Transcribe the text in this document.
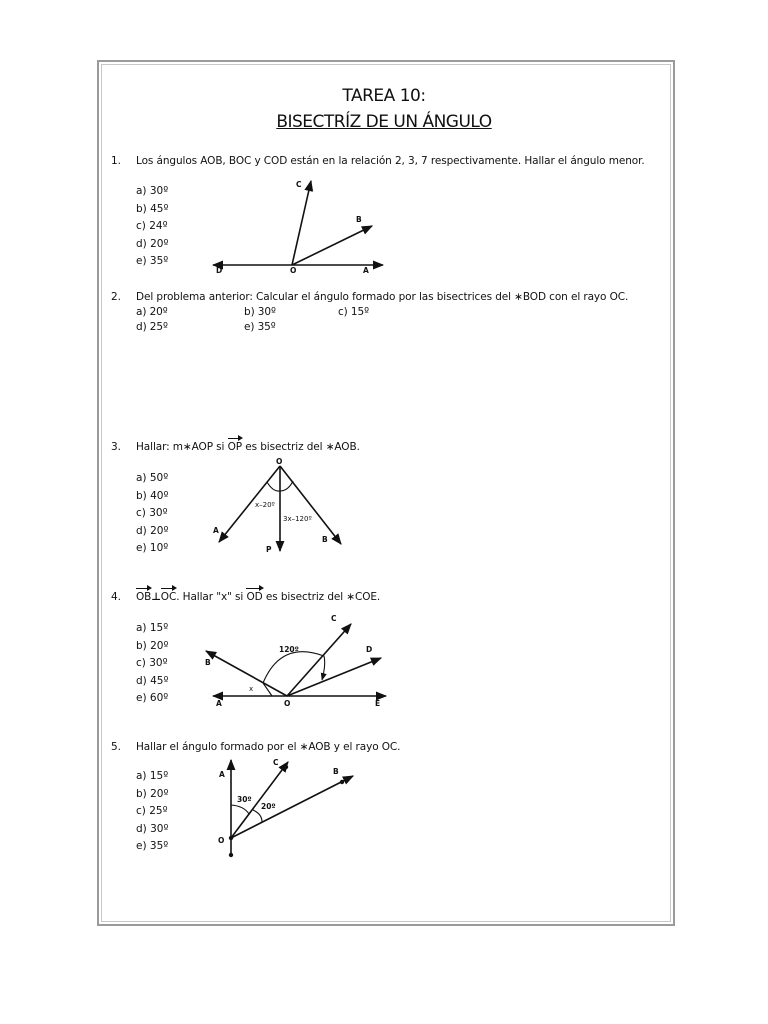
TAREA 10:
BISECTRÍZ DE UN ÁNGULO
1. Los ángulos AOB, BOC y COD están en la relación 2, 3, 7 respectivamente. Hallar el ángulo menor.
a) 30º
b) 45º
c) 24º
d) 20º
e) 35º
2. Del problema anterior: Calcular el ángulo formado por las bisectrices del ∗BOD con el rayo OC.
a) 20º	b) 30º	c) 15º
d) 25º	e) 35º
3. Hallar: m∗AOP si OP es bisectriz del ∗AOB.
a) 50º
b) 40º
c) 30º
d) 20º
e) 10º
4. OB⊥OC. Hallar "x" si OD es bisectriz del ∗COE.
a) 15º
b) 20º
c) 30º
d) 45º
e) 60º
5. Hallar el ángulo formado por el ∗AOB y el rayo OC.
a) 15º
b) 20º
c) 25º
d) 30º
e) 35º
C
B
D	O	A
O
A
B
P
x–20º
3x–120º
C
D
B
A	O	E
x
120º
A
C
B
O
30º
20º
